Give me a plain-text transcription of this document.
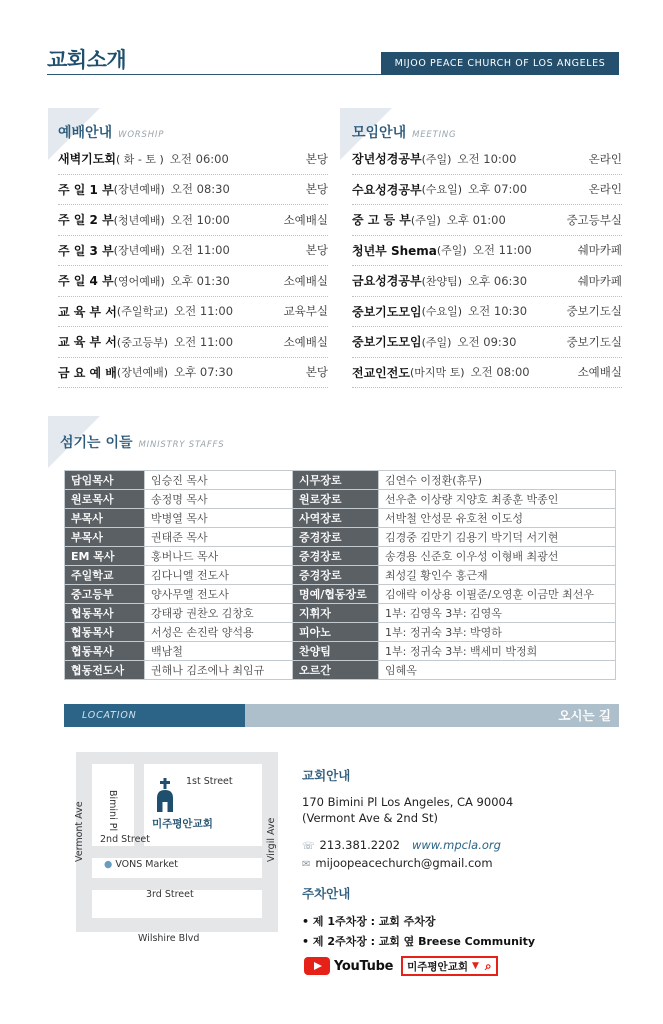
교회소개	MIJOO PEACE CHURCH OF LOS ANGELES
예배안내 WORSHIP
새벽기도회 ( 화 - 토 ) 오전 06:00	본당
주 일 1 부 (장년예배) 오전 08:30	본당
주 일 2 부 (청년예배) 오전 10:00	소예배실
주 일 3 부 (장년예배) 오전 11:00	본당
주 일 4 부 (영어예배) 오후 01:30	소예배실
교 육 부 서 (주일학교) 오전 11:00	교육부실
교 육 부 서 (중고등부) 오전 11:00	소예배실
금 요 예 배 (장년예배) 오후 07:30	본당
모임안내 MEETING
장년성경공부 (주일) 오전 10:00	온라인
수요성경공부 (수요일) 오후 07:00	온라인
중 고 등 부 (주일) 오후 01:00	중고등부실
청년부 Shema (주일) 오전 11:00	쉐마카페
금요성경공부 (찬양팀) 오후 06:30	쉐마카페
중보기도모임 (수요일) 오전 10:30	중보기도실
중보기도모임 (주일) 오전 09:30	중보기도실
전교인전도 (마지막 토) 오전 08:00	소예배실
섬기는 이들 MINISTRY STAFFS
담임목사	임승진 목사	시무장로	김연수 이정환(휴무)
원로목사	송정명 목사	원로장로	선우춘 이상량 지양호 최종훈 박종인
부목사	박병열 목사	사역장로	서박철 안성문 유호천 이도성
부목사	권태준 목사	증경장로	김경중 김만기 김용기 박기덕 서기현
EM 목사	홍버나드 목사	증경장로	송경용 신준호 이우성 이형배 최광선
주일학교	김다니엘 전도사	증경장로	최성길 황인수 홍근재
중고등부	양사무엘 전도사	명예/협동장로	김애락 이상용 이필준/오영훈 이금만 최선우
협동목사	강태광 권찬오 김창호	지휘자	1부: 김영옥 3부: 김영옥
협동목사	서성은 손진락 양석용	피아노	1부: 정귀숙 3부: 박영하
협동목사	백남철	찬양팀	1부: 정귀숙 3부: 백세미 박정희
협동전도사	권해나 김조에나 최임규	오르간	임혜옥
LOCATION	오시는 길
1st Street
Bimini Pl
Vermont Ave	Virgil Ave
2nd Street
● VONS Market
3rd Street
Wilshire Blvd
미주평안교회
교회안내
170 Bimini Pl Los Angeles, CA 90004
(Vermont Ave & 2nd St)
☏ 213.381.2202 www.mpcla.org
✉ mijoopeacechurch@gmail.com
주차안내
• 제 1주차장 : 교회 주차장
• 제 2주차장 : 교회 옆 Breese Community
YouTube 미주평안교회 ▼ ⌕
